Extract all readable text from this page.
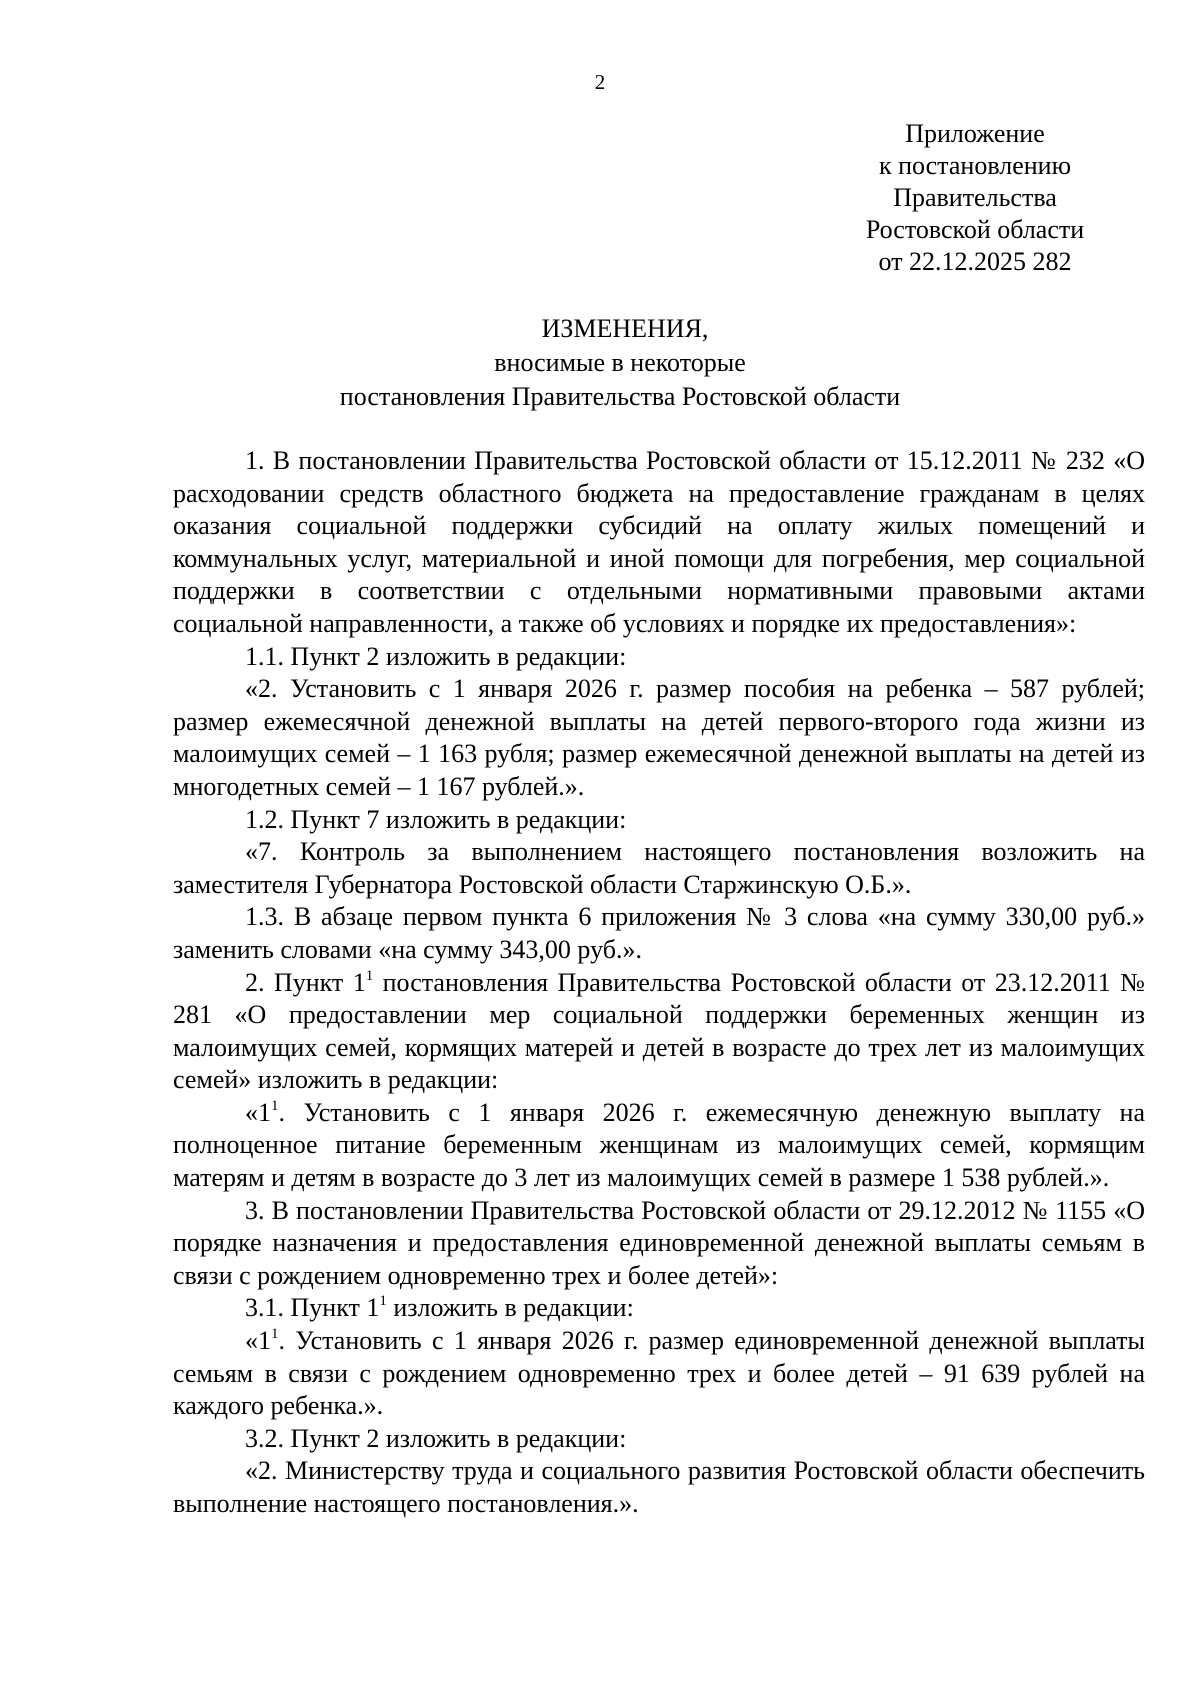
2
Приложение
к постановлению
Правительства
Ростовской области
от 22.12.2025 282
ИЗМЕНЕНИЯ,
вносимые в некоторые
постановления Правительства Ростовской области

1. В постановлении Правительства Ростовской области от 15.12.2011 № 232 «О расходовании средств областного бюджета на предоставление гражданам в целях оказания социальной поддержки субсидий на оплату жилых помещений и коммунальных услуг, материальной и иной помощи для погребения, мер социальной поддержки в соответствии с отдельными нормативными правовыми актами социальной направленности, а также об условиях и порядке их предоставления»:

1.1. Пункт 2 изложить в редакции:

«2. Установить с 1 января 2026 г. размер пособия на ребенка – 587 рублей; размер ежемесячной денежной выплаты на детей первого-второго года жизни из малоимущих семей – 1 163 рубля; размер ежемесячной денежной выплаты на детей из многодетных семей – 1 167 рублей.».

1.2. Пункт 7 изложить в редакции:

«7. Контроль за выполнением настоящего постановления возложить на заместителя Губернатора Ростовской области Старжинскую О.Б.».

1.3. В абзаце первом пункта 6 приложения № 3 слова «на сумму 330,00 руб.» заменить словами «на сумму 343,00 руб.».

2. Пункт $1^1$ постановления Правительства Ростовской области от 23.12.2011 № 281 «О предоставлении мер социальной поддержки беременных женщин из малоимущих семей, кормящих матерей и детей в возрасте до трех лет из малоимущих семей» изложить в редакции:

«$1^1$. Установить с 1 января 2026 г. ежемесячную денежную выплату на полноценное питание беременным женщинам из малоимущих семей, кормящим матерям и детям в возрасте до 3 лет из малоимущих семей в размере 1 538 рублей.».

3. В постановлении Правительства Ростовской области от 29.12.2012 № 1155 «О порядке назначения и предоставления единовременной денежной выплаты семьям в связи с рождением одновременно трех и более детей»:

3.1. Пункт $1^1$ изложить в редакции:

«$1^1$. Установить с 1 января 2026 г. размер единовременной денежной выплаты семьям в связи с рождением одновременно трех и более детей – 91 639 рублей на каждого ребенка.».

3.2. Пункт 2 изложить в редакции:

«2. Министерству труда и социального развития Ростовской области обеспечить выполнение настоящего постановления.».
